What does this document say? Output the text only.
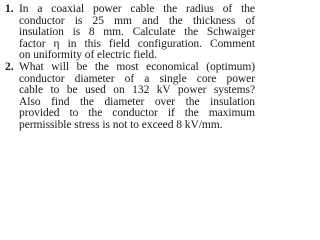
1. In a coaxial power cable the radius of the
conductor is 25 mm and the thickness of
insulation is 8 mm. Calculate the Schwaiger
factor η in this field configuration. Comment
on uniformity of electric field.
2. What will be the most economical (optimum)
conductor diameter of a single core power
cable to be used on 132 kV power systems?
Also find the diameter over the insulation
provided to the conductor if the maximum
permissible stress is not to exceed 8 kV/mm.
